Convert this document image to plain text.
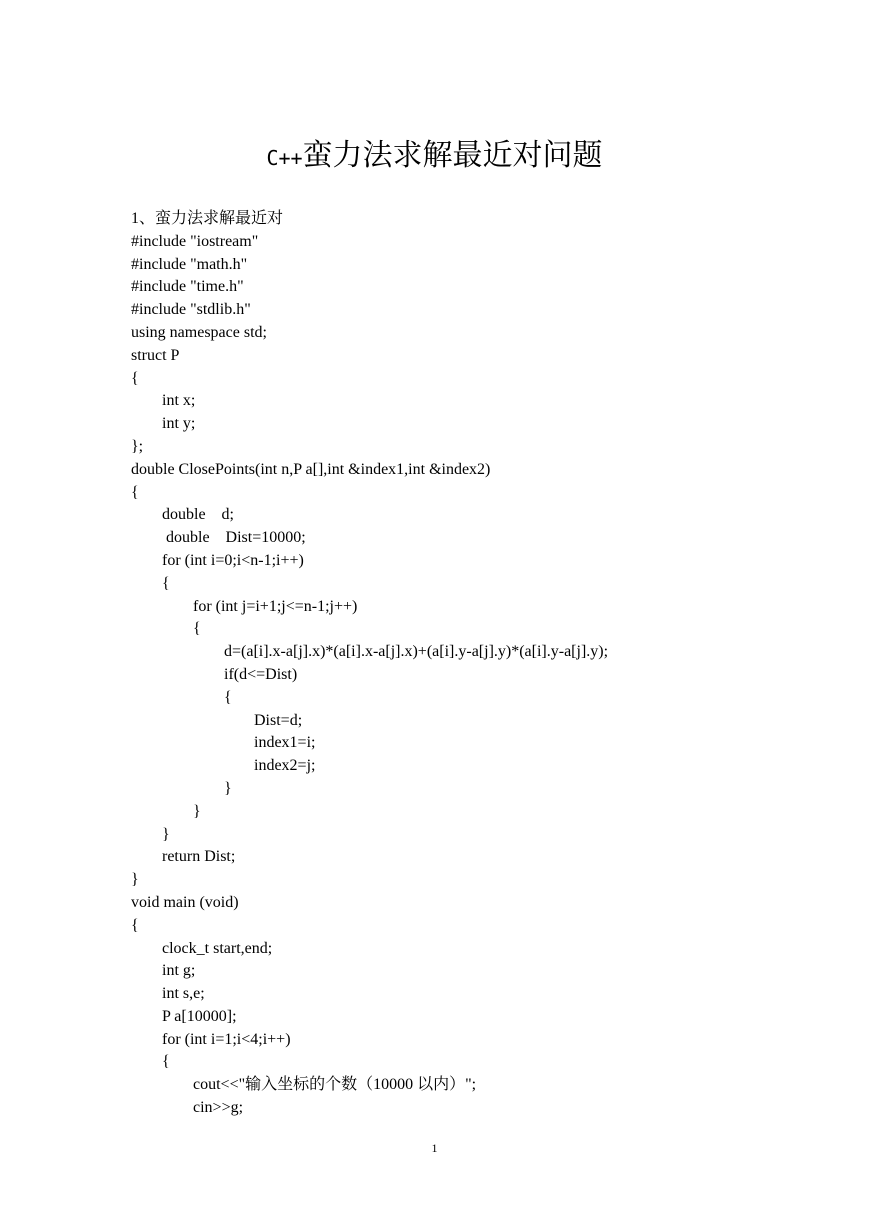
C++蛮力法求解最近对问题
1、蛮力法求解最近对
#include "iostream"
#include "math.h"
#include "time.h"
#include "stdlib.h"
using namespace std;
struct P
{
int x;
int y;
};
double ClosePoints(int n,P a[],int &index1,int &index2)
{
double    d;
double    Dist=10000;
for (int i=0;i<n-1;i++)
{
for (int j=i+1;j<=n-1;j++)
{
d=(a[i].x-a[j].x)*(a[i].x-a[j].x)+(a[i].y-a[j].y)*(a[i].y-a[j].y);
if(d<=Dist)
{
Dist=d;
index1=i;
index2=j;
}
}
}
return Dist;
}
void main (void)
{
clock_t start,end;
int g;
int s,e;
P a[10000];
for (int i=1;i<4;i++)
{
cout<<"输入坐标的个数（10000 以内）";
cin>>g;
1
